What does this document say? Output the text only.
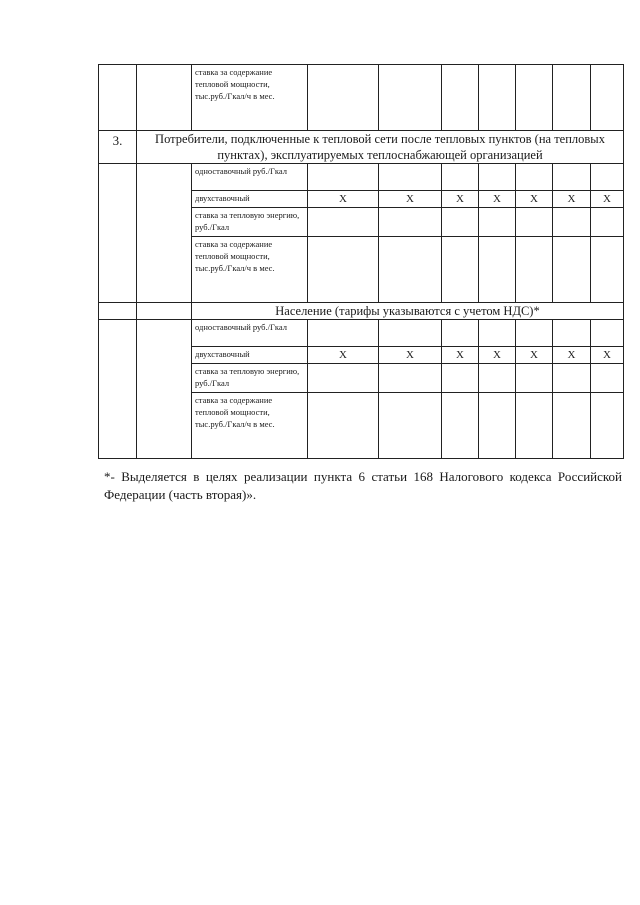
		ставка за содержание тепловой мощности, тыс.руб./Гкал/ч в мес.							
3.	Потребители, подключенные к тепловой сети после тепловых пунктов (на тепловых пунктах), эксплуатируемых теплоснабжающей организацией								
		одноставочный руб./Гкал							
		двухставочный	Х	Х	Х	Х	Х	Х	Х
		ставка за тепловую энергию, руб./Гкал							
		ставка за содержание тепловой мощности, тыс.руб./Гкал/ч в мес.							
		Население (тарифы указываются с учетом НДС)*							
		одноставочный руб./Гкал							
		двухставочный	Х	Х	Х	Х	Х	Х	Х
		ставка за тепловую энергию, руб./Гкал							
		ставка за содержание тепловой мощности, тыс.руб./Гкал/ч в мес.							
*- Выделяется в целях реализации пункта 6 статьи 168 Налогового кодекса Российской Федерации (часть вторая)».
